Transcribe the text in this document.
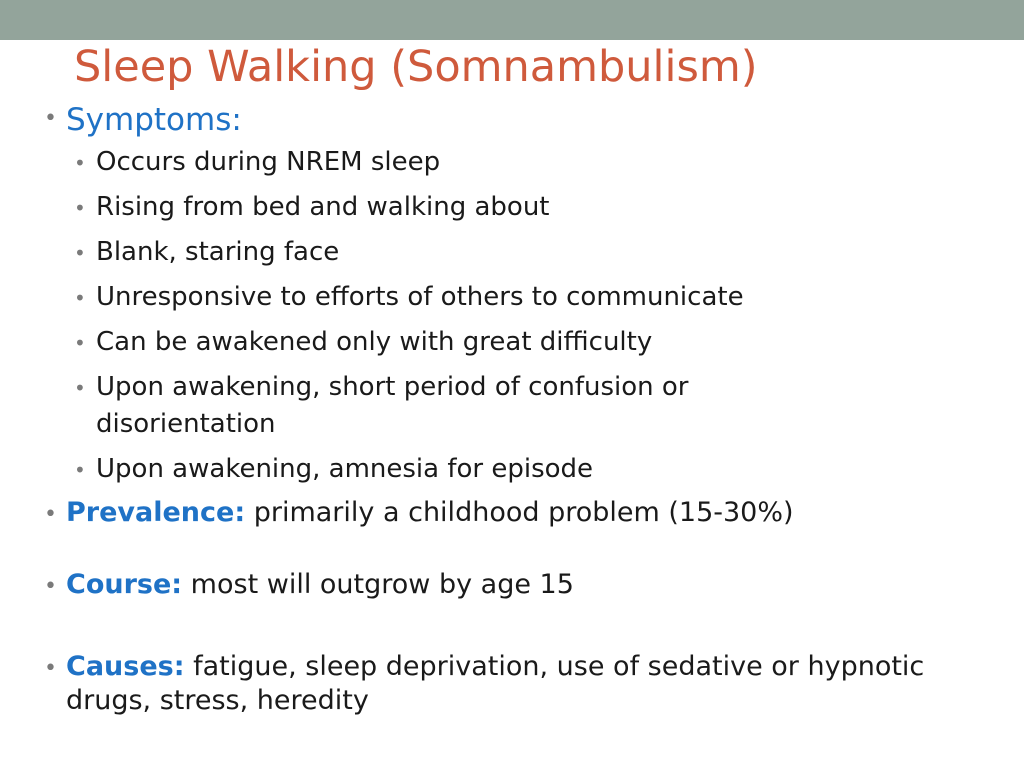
Sleep Walking (Somnambulism)
• Symptoms:
• Occurs during NREM sleep
• Rising from bed and walking about
• Blank, staring face
• Unresponsive to efforts of others to communicate
• Can be awakened only with great difficulty
• Upon awakening, short period of confusion or disorientation
• Upon awakening, amnesia for episode
• Prevalence: primarily a childhood problem (15-30%)
• Course: most will outgrow by age 15
• Causes: fatigue, sleep deprivation, use of sedative or hypnotic drugs, stress, heredity
